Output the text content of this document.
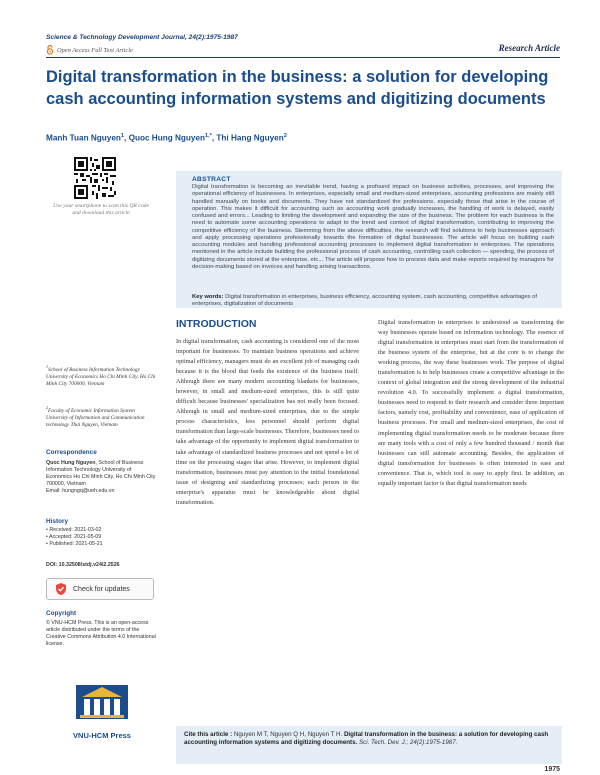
Science & Technology Development Journal, 24(2):1975-1987
Open Access Full Text Article	Research Article
Digital transformation in the business: a solution for developing cash accounting information systems and digitizing documents
Manh Tuan Nguyen$^1$, Quoc Hung Nguyen$^{1,*}$, Thi Hang Nguyen$^2$
Use your smartphone to scan this QR code and download this article
ABSTRACT
Digital transformation is becoming an inevitable trend, having a profound impact on business activities, processes, and improving the operational efficiency of businesses. In enterprises, especially small and medium-sized enterprises, accounting professions are mainly still handled manually on books and documents. They have not standardized the professions, especially those that arise in the course of operation. This makes it difficult for accounting such as accounting work gradually increases, the handling of work is delayed, easily confused and errors... Leading to limiting the development and expanding the size of the business. The problem for each business is the need to automate some accounting operations to adapt to the trend and context of digital transformation, contributing to improving the competitive efficiency of the business. Stemming from the above difficulties, the research will find solutions to help businesses approach and apply processing operations professionally towards the formation of digital businesses. The article will focus on building cash accounting modules and handling professional accounting processes to implement digital transformation in enterprises. The operations mentioned in the article include building the professional process of cash accounting, controlling cash collection — spending, the process of digitizing documents stored at the enterprise, etc... The article will propose how to process data and make reports required by managers for decision-making based on invoices and handling arising transactions.
Key words: Digital transformation in enterprises, business efficiency, accounting system, cash accounting, competitive advantages of enterprises, digitalization of documents
$^1$School of Business Information Technology University of Economics Ho Chi Minh City, Ho Chi Minh City 700000, Vietnam
$^2$Faculty of Economic Information System University of Information and Communication technology Thai Nguyen, Vietnam
Correspondence
Quoc Hung Nguyen, School of Business Information Technology University of Economics Ho Chi Minh City, Ho Chi Minh City 700000, Vietnam
Email: hungngq@ueh.edu.vn
History
• Received: 2021-03-02
• Accepted: 2021-05-09
• Published: 2021-05-21
DOI: 10.32508/stdj.v24i2.2526
Check for updates
Copyright
© VNU-HCM Press. This is an open-access article distributed under the terms of the Creative Commons Attribution 4.0 International license.
VNU-HCM Press
INTRODUCTION
In digital transformation, cash accounting is considered one of the most important for businesses. To maintain business operations and achieve optimal efficiency, managers must do an excellent job of managing cash because it is the blood that feeds the existence of the business itself. Although there are many modern accounting blankets for businesses, however, in small and medium-sized enterprises, this is still quite difficult because businesses' specialization has not really been focused. Although in small and medium-sized enterprises, due to the simple process characteristics, less personnel should perform digital transformation than large-scale businesses. Therefore, businesses need to take advantage of the opportunity to implement digital transformation to take advantage of standardized business processes and not spend a lot of time on the processing stages that arise. However, to implement digital transformation, businesses must pay attention to the initial foundational issue of designing and standardizing processes; each person in the enterprise's apparatus must be knowledgeable about digital transformation.
Digital transformation in enterprises is understood as transforming the way businesses operate based on information technology. The essence of digital transformation in enterprises must start from the transformation of the business system of the enterprise, but at the core is to change the working process, the way these businesses work. The purpose of digital transformation is to help businesses create a competitive advantage in the context of global integration and the strong development of the industrial revolution 4.0. To successfully implement a digital transformation, businesses need to respond to their research and consider three important factors, namely cost, profitability and convenience, ease of application of business processes. For small and medium-sized enterprises, the cost of implementing digital transformation needs to be moderate because there are many tools with a cost of only a few hundred thousand / month that businesses can still automate accounting. Besides, the application of digital transformation for businesses is often interested in ease and convenience. That is, which tool is easy to apply first. In addition, an equally important factor is that digital transformation needs
Cite this article : Nguyen M T, Nguyen Q H, Nguyen T H. Digital transformation in the business: a solution for developing cash accounting information systems and digitizing documents. Sci. Tech. Dev. J.; 24(2):1975-1987.
1975
